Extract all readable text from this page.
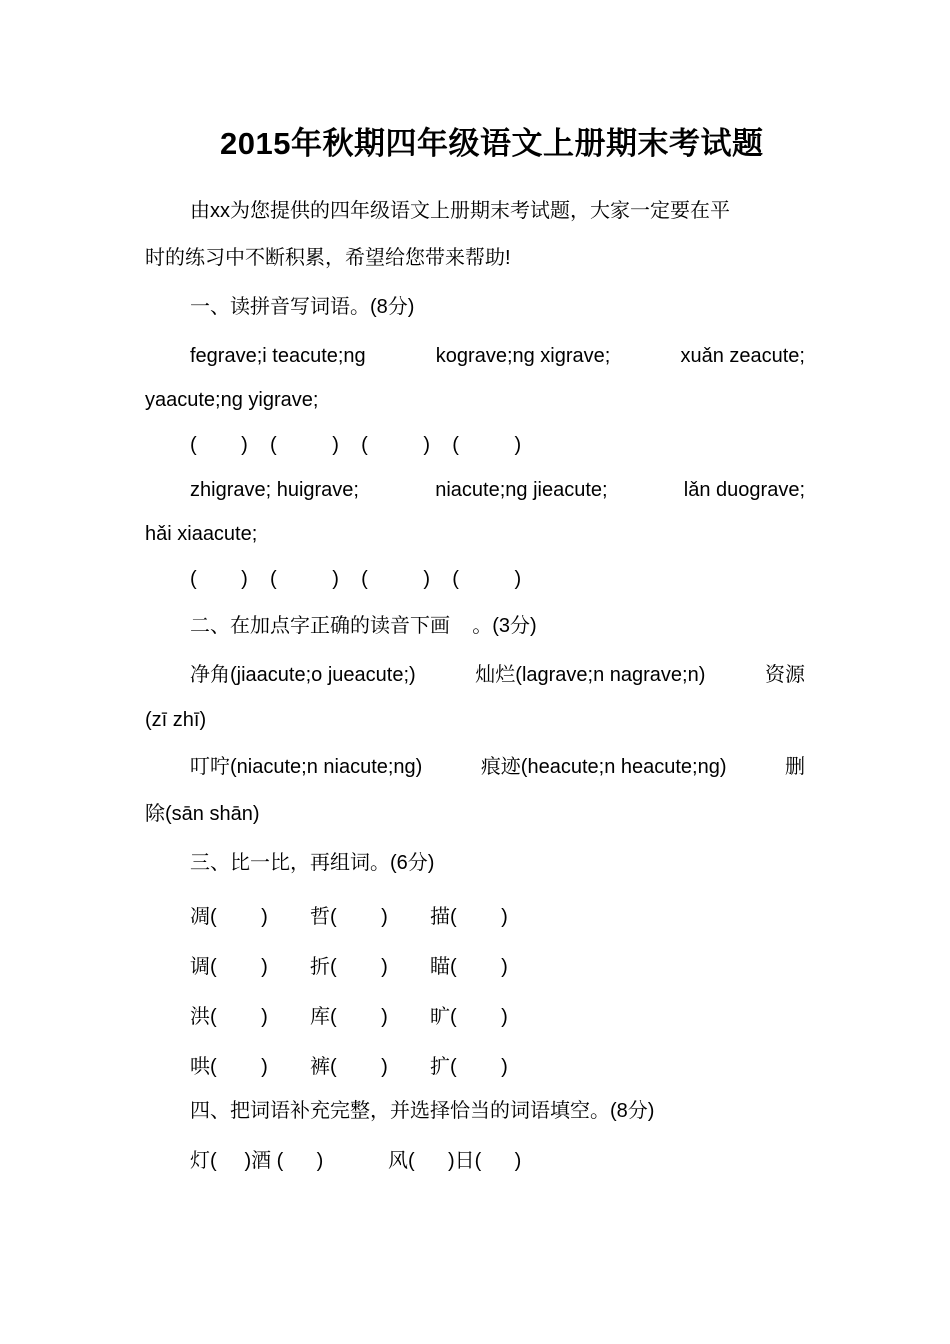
2015年秋期四年级语文上册期末考试题
由xx为您提供的四年级语文上册期末考试题，大家一定要在平
时的练习中不断积累，希望给您带来帮助!
一、读拼音写词语。(8分)
fegrave;i teacute;ng	kograve;ng xigrave;	xuǎn zeacute;
yaacute;ng yigrave;
(        )    (          )    (          )    (          )
zhigrave; huigrave;	niacute;ng jieacute;	lǎn duograve;
hǎi xiaacute;
(        )    (          )    (          )    (          )
二、在加点字正确的读音下画    。(3分)
净角(jiaacute;o jueacute;)	灿烂(lagrave;n nagrave;n)	资源
(zī zhī)
叮咛(niacute;n niacute;ng)	痕迹(heacute;n heacute;ng)	删
除(sān shān)
三、比一比，再组词。(6分)
凋(        ) 哲(        ) 描(        )
调(        ) 折(        ) 瞄(        )
洪(        ) 库(        ) 旷(        )
哄(        ) 裤(        ) 扩(        )
四、把词语补充完整，并选择恰当的词语填空。(8分)
灯(     )酒 (      )	风(      )日(      )
